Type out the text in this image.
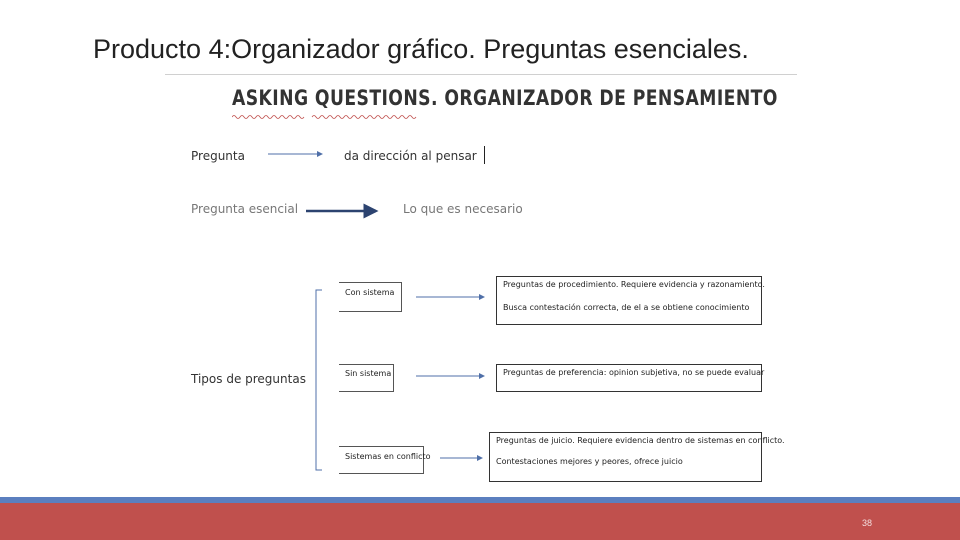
Producto 4:Organizador gráfico. Preguntas esenciales.
ASKING QUESTIONS. ORGANIZADOR DE PENSAMIENTO
Pregunta	da dirección al pensar
Pregunta esencial	Lo que es necesario
Tipos de preguntas
Con sistema
Sin sistema
Sistemas en conflicto
Preguntas de procedimiento. Requiere evidencia y razonamiento.
Busca contestación correcta, de el a se obtiene conocimiento
Preguntas de preferencia: opinion subjetiva, no se puede evaluar
Preguntas de juicio. Requiere evidencia dentro de sistemas en conflicto.
Contestaciones mejores y peores, ofrece juicio
38
